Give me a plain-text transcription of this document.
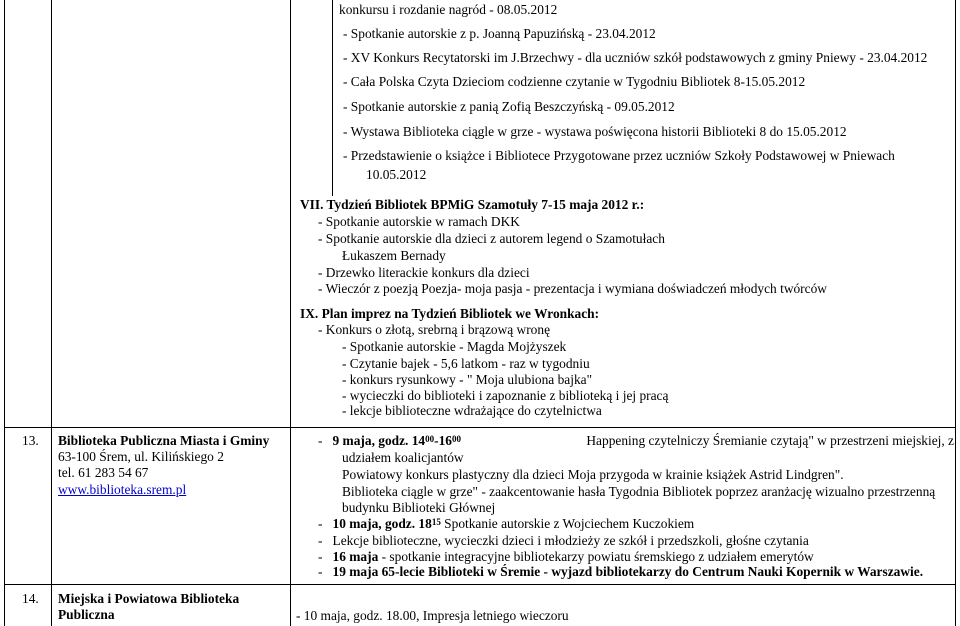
konkursu i rozdanie nagród - 08.05.2012
- Spotkanie autorskie z p. Joanną Papuzińską - 23.04.2012
- XV Konkurs Recytatorski im J.Brzechwy - dla uczniów szkół podstawowych z gminy Pniewy - 23.04.2012
- Cała Polska Czyta Dzieciom codzienne czytanie w Tygodniu Bibliotek 8-15.05.2012
- Spotkanie autorskie z panią Zofią Beszczyńską - 09.05.2012
- Wystawa Biblioteka ciągle w grze - wystawa poświęcona historii Biblioteki 8 do 15.05.2012
- Przedstawienie o książce i Bibliotece Przygotowane przez uczniów Szkoły Podstawowej w Pniewach
10.05.2012
VII. Tydzień Bibliotek BPMiG Szamotuły 7-15 maja 2012 r.:
- Spotkanie autorskie w ramach DKK
- Spotkanie autorskie dla dzieci z autorem legend o Szamotułach
Łukaszem Bernady
- Drzewko literackie konkurs dla dzieci
- Wieczór z poezją Poezja- moja pasja - prezentacja i wymiana doświadczeń młodych twórców
IX. Plan imprez na Tydzień Bibliotek we Wronkach:
- Konkurs o złotą, srebrną i brązową wronę
- Spotkanie autorskie - Magda Mojżyszek
- Czytanie bajek - 5,6 latkom - raz w tygodniu
- konkurs rysunkowy - " Moja ulubiona bajka"
- wycieczki do biblioteki i zapoznanie z biblioteką i jej pracą
- lekcje biblioteczne wdrażające do czytelnictwa
13. Biblioteka Publiczna Miasta i Gminy
63-100 Śrem, ul. Kilińskiego 2
tel. 61 283 54 67
www.biblioteka.srem.pl
- 9 maja, godz. $14^{00}-16^{00}$	Happening czytelniczy Śremianie czytają" w przestrzeni miejskiej, z
udziałem koalicjantów
Powiatowy konkurs plastyczny dla dzieci Moja przygoda w krainie książek Astrid Lindgren".
Biblioteka ciągle w grze" - zaakcentowanie hasła Tygodnia Bibliotek poprzez aranżację wizualno przestrzenną
budynku Biblioteki Głównej
- 10 maja, godz. $18^{15}$ Spotkanie autorskie z Wojciechem Kuczokiem
- Lekcje biblioteczne, wycieczki dzieci i młodzieży ze szkół i przedszkoli, głośne czytania
- 16 maja - spotkanie integracyjne bibliotekarzy powiatu śremskiego z udziałem emerytów
- 19 maja 65-lecie Biblioteki w Śremie - wyjazd bibliotekarzy do Centrum Nauki Kopernik w Warszawie.
14. Miejska i Powiatowa Biblioteka
Publiczna	- 10 maja, godz. 18.00, Impresja letniego wieczoru
